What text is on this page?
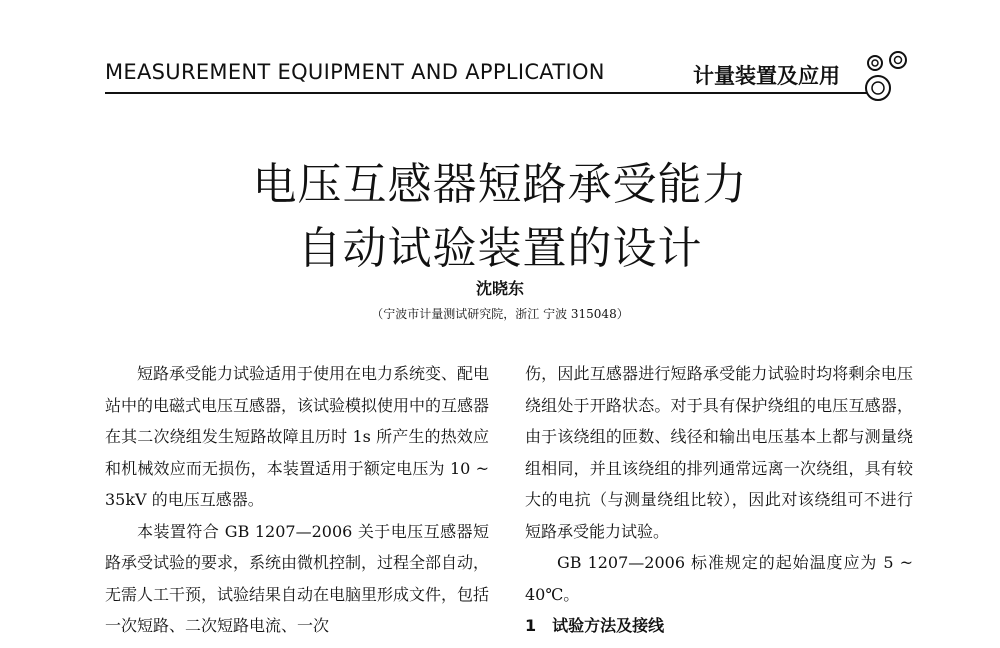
MEASUREMENT EQUIPMENT AND APPLICATION	计量装置及应用
电压互感器短路承受能力
自动试验装置的设计
沈晓东
（宁波市计量测试研究院，浙江 宁波 315048）

短路承受能力试验适用于使用在电力系统变、配电站中的电磁式电压互感器，该试验模拟使用中的互感器在其二次绕组发生短路故障且历时 1s 所产生的热效应和机械效应而无损伤，本装置适用于额定电压为 10 ~ 35kV 的电压互感器。

本装置符合 GB 1207—2006 关于电压互感器短路承受试验的要求，系统由微机控制，过程全部自动，无需人工干预，试验结果自动在电脑里形成文件，包括一次短路、二次短路电流、一次

伤，因此互感器进行短路承受能力试验时均将剩余电压绕组处于开路状态。对于具有保护绕组的电压互感器，由于该绕组的匝数、线径和输出电压基本上都与测量绕组相同，并且该绕组的排列通常远离一次绕组，具有较大的电抗（与测量绕组比较），因此对该绕组可不进行短路承受能力试验。

GB 1207—2006 标准规定的起始温度应为 5 ~ 40℃。

1　试验方法及接线
